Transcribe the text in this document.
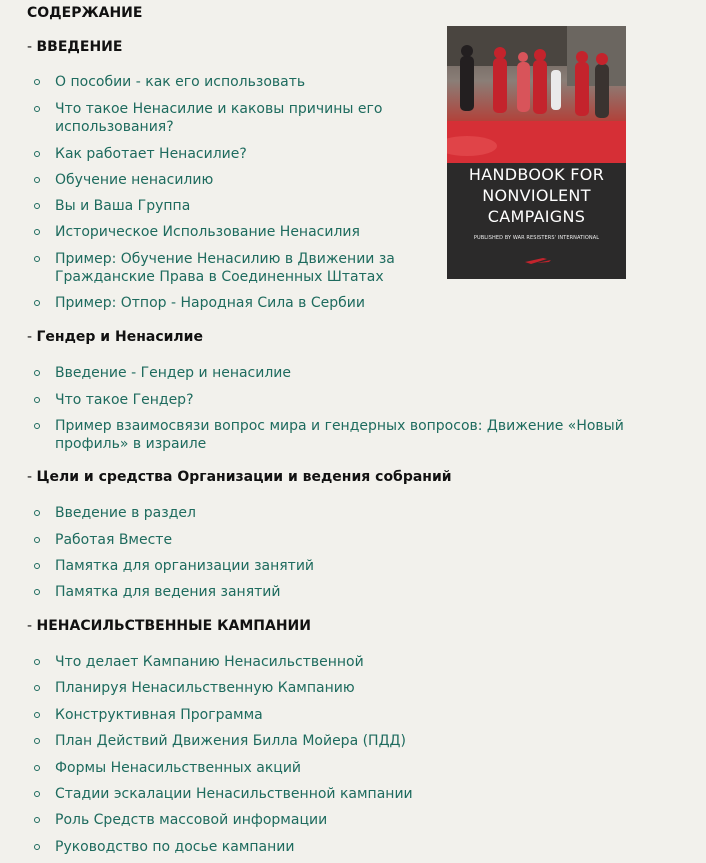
СОДЕРЖАНИЕ
- ВВЕДЕНИЕ
О пособии - как его использовать
Что такое Ненасилие и каковы причины его использования?
Как работает Ненасилие?
Обучение ненасилию
Вы и Ваша Группа
Историческое Использование Ненасилия
Пример: Обучение Ненасилию в Движении за Гражданские Права в Соединенных Штатах
Пример: Отпор - Народная Сила в Сербии
- Гендер и Ненасилие
Введение - Гендер и ненасилие
Что такое Гендер?
Пример взаимосвязи вопрос мира и гендерных вопросов: Движение «Новый профиль» в израиле
- Цели и средства Организации и ведения собраний
Введение в раздел
Работая Вместе
Памятка для организации занятий
Памятка для ведения занятий
- НЕНАСИЛЬСТВЕННЫЕ КАМПАНИИ
Что делает Кампанию Ненасильственной
Планируя Ненасильственную Кампанию
Конструктивная Программа
План Действий Движения Билла Мойера (ПДД)
Формы Ненасильственных акций
Стадии эскалации Ненасильственной кампании
Роль Средств массовой информации
Руководство по досье кампании
HANDBOOK FOR
NONVIOLENT
CAMPAIGNS
PUBLISHED BY WAR RESISTERS' INTERNATIONAL
